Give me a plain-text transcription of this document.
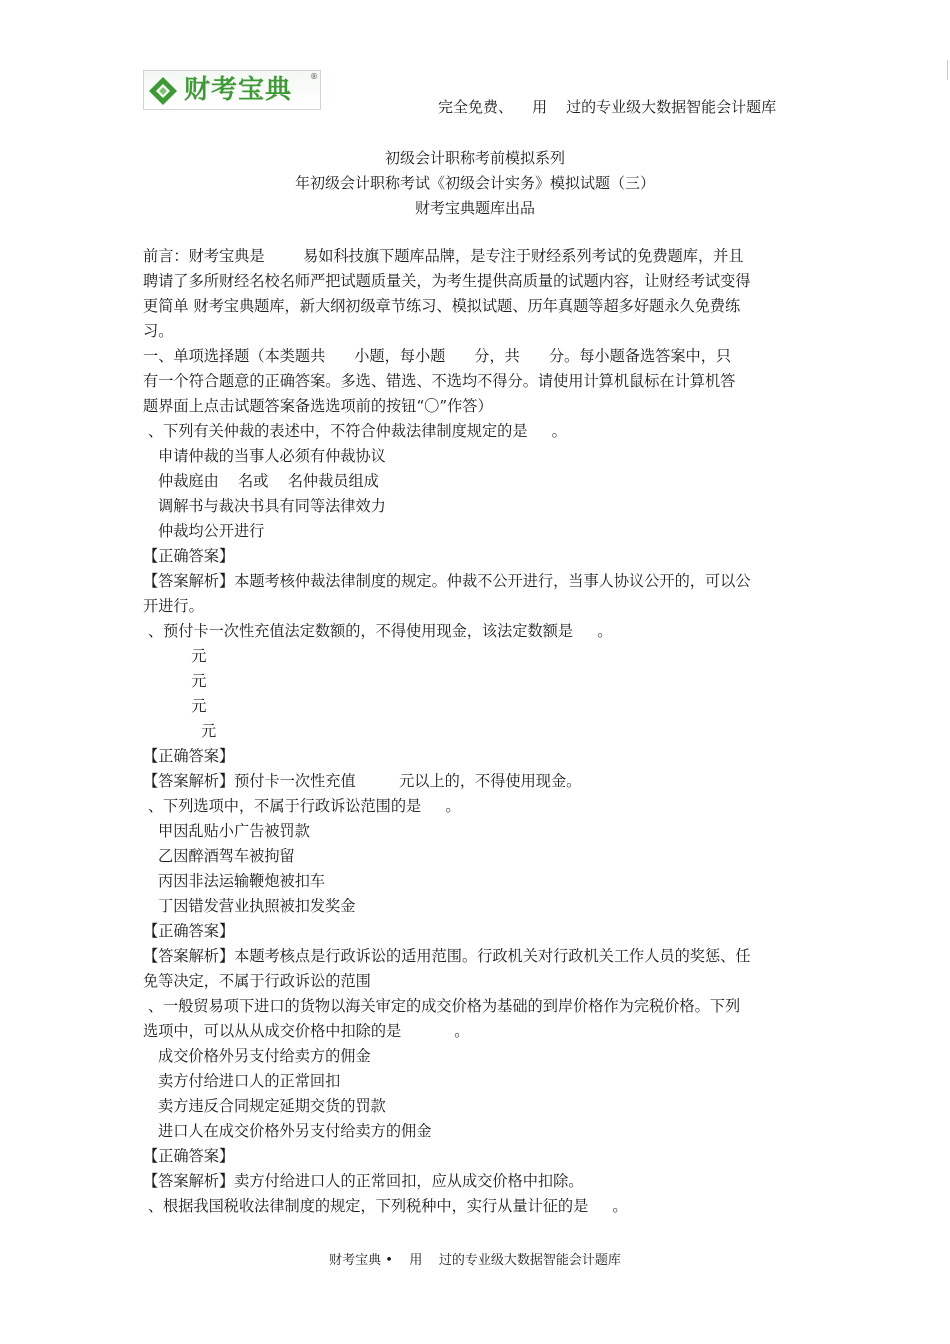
财考宝典 ®
完全免费、    用    过的专业级大数据智能会计题库
初级会计职称考前模拟系列
年初级会计职称考试《初级会计实务》模拟试题（三）
财考宝典题库出品

前言：财考宝典是        易如科技旗下题库品牌，是专注于财经系列考试的免费题库，并且

聘请了多所财经名校名师严把试题质量关，为考生提供高质量的试题内容，让财经考试变得

更简单 财考宝典题库，新大纲初级章节练习、模拟试题、历年真题等超多好题永久免费练

习。

一、单项选择题（本类题共      小题，每小题      分，共      分。每小题备选答案中，只

有一个符合题意的正确答案。多选、错选、不选均不得分。请使用计算机鼠标在计算机答

题界面上点击试题答案备选选项前的按钮“〇”作答）

、下列有关仲裁的表述中，不符合仲裁法律制度规定的是     。

申请仲裁的当事人必须有仲裁协议

仲裁庭由    名或    名仲裁员组成

调解书与裁决书具有同等法律效力

仲裁均公开进行

【正确答案】

【答案解析】本题考核仲裁法律制度的规定。仲裁不公开进行，当事人协议公开的，可以公

开进行。

、预付卡一次性充值法定数额的，不得使用现金，该法定数额是     。

元

元

元

元

【正确答案】

【答案解析】预付卡一次性充值         元以上的，不得使用现金。

、下列选项中，不属于行政诉讼范围的是     。

甲因乱贴小广告被罚款

乙因醉酒驾车被拘留

丙因非法运输鞭炮被扣车

丁因错发营业执照被扣发奖金

【正确答案】

【答案解析】本题考核点是行政诉讼的适用范围。行政机关对行政机关工作人员的奖惩、任

免等决定，不属于行政诉讼的范围

、一般贸易项下进口的货物以海关审定的成交价格为基础的到岸价格作为完税价格。下列

选项中，可以从从成交价格中扣除的是           。

成交价格外另支付给卖方的佣金

卖方付给进口人的正常回扣

卖方违反合同规定延期交货的罚款

进口人在成交价格外另支付给卖方的佣金

【正确答案】

【答案解析】卖方付给进口人的正常回扣，应从成交价格中扣除。

、根据我国税收法律制度的规定，下列税种中，实行从量计征的是     。

财考宝典 •    用    过的专业级大数据智能会计题库
